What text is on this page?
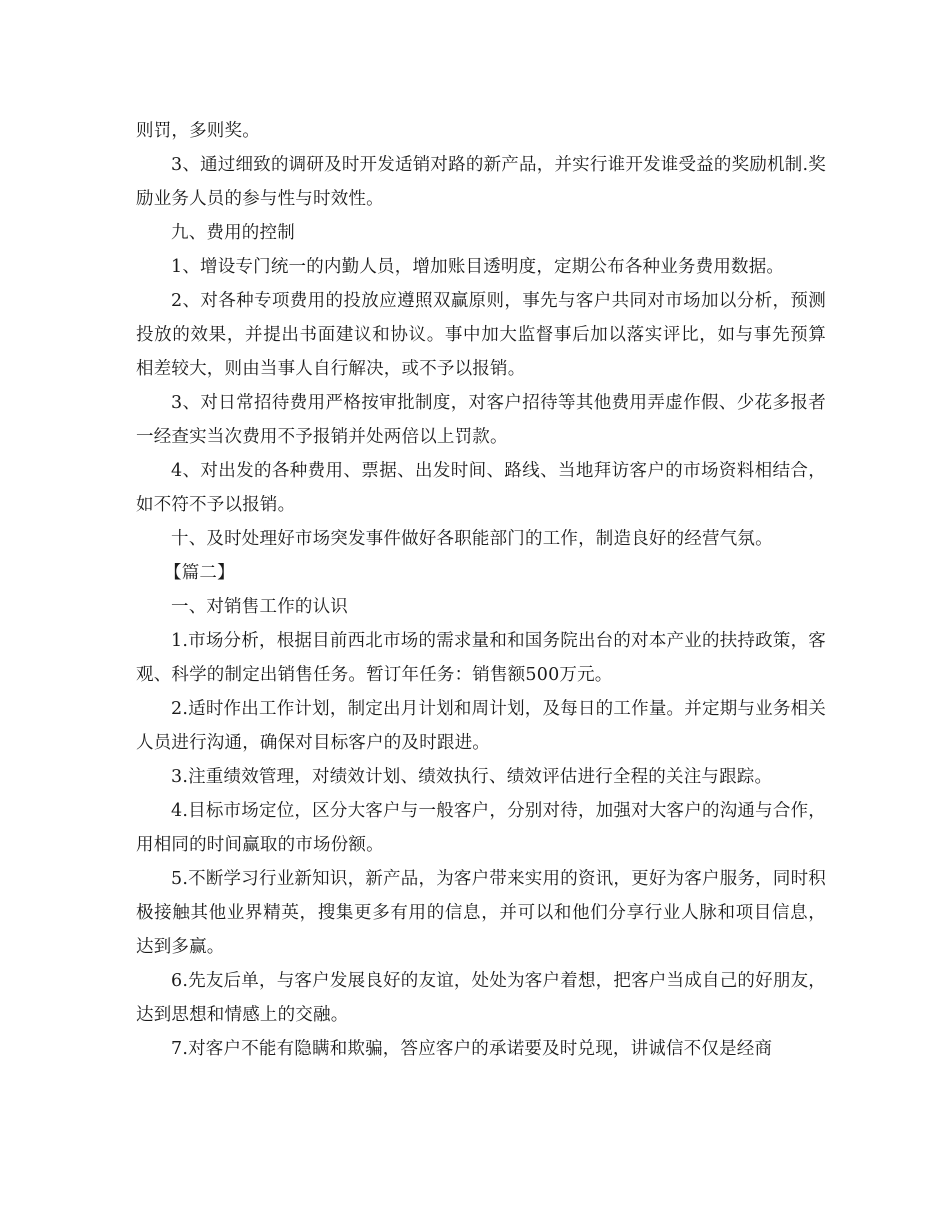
则罚，多则奖。

3、通过细致的调研及时开发适销对路的新产品，并实行谁开发谁受益的奖励机制.奖励业务人员的参与性与时效性。

九、费用的控制

1、增设专门统一的内勤人员，增加账目透明度，定期公布各种业务费用数据。

2、对各种专项费用的投放应遵照双赢原则，事先与客户共同对市场加以分析，预测投放的效果，并提出书面建议和协议。事中加大监督事后加以落实评比，如与事先预算相差较大，则由当事人自行解决，或不予以报销。

3、对日常招待费用严格按审批制度，对客户招待等其他费用弄虚作假、少花多报者一经查实当次费用不予报销并处两倍以上罚款。

4、对出发的各种费用、票据、出发时间、路线、当地拜访客户的市场资料相结合，如不符不予以报销。

十、及时处理好市场突发事件做好各职能部门的工作，制造良好的经营气氛。

【篇二】

一、对销售工作的认识

1.市场分析，根据目前西北市场的需求量和和国务院出台的对本产业的扶持政策，客观、科学的制定出销售任务。暂订年任务：销售额500万元。

2.适时作出工作计划，制定出月计划和周计划，及每日的工作量。并定期与业务相关人员进行沟通，确保对目标客户的及时跟进。

3.注重绩效管理，对绩效计划、绩效执行、绩效评估进行全程的关注与跟踪。

4.目标市场定位，区分大客户与一般客户，分别对待，加强对大客户的沟通与合作，用相同的时间赢取的市场份额。

5.不断学习行业新知识，新产品，为客户带来实用的资讯，更好为客户服务，同时积极接触其他业界精英，搜集更多有用的信息，并可以和他们分享行业人脉和项目信息，达到多赢。

6.先友后单，与客户发展良好的友谊，处处为客户着想，把客户当成自己的好朋友，达到思想和情感上的交融。

7.对客户不能有隐瞒和欺骗，答应客户的承诺要及时兑现，讲诚信不仅是经商
